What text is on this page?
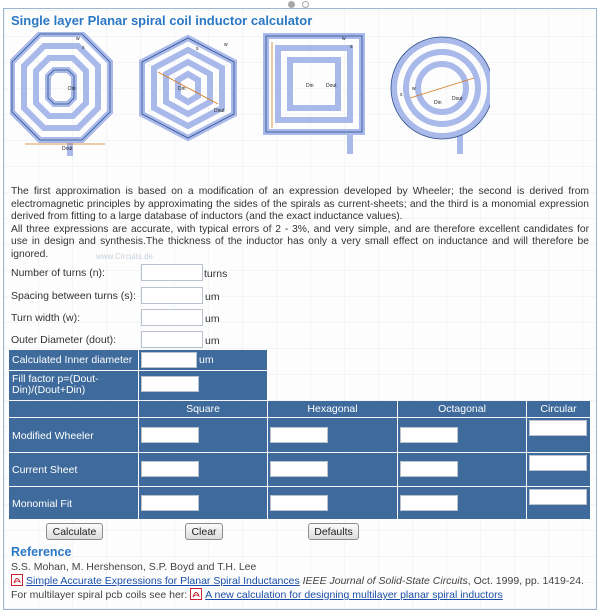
Single layer Planar spiral coil inductor calculator
Dout
Din
w
s
Din
Dout
w
s
Din Dout
w
s
Din
Dout
w
s

The first approximation is based on a modification of an expression developed by Wheeler; the second is derived from electromagnetic principles by approximating the sides of the spirals as current-sheets; and the third is a monomial expression derived from fitting to a large database of inductors (and the exact inductance values).

All three expressions are accurate, with typical errors of 2 - 3%, and very simple, and are therefore excellent candidates for use in design and synthesis.The thickness of the inductor has only a very small effect on inductance and will therefore be ignored.	www.Circuits.de
Number of turns (n):	turns
Spacing between turns (s):	um
Turn width (w):	um
Outer Diameter (dout):	um
Calculated Inner diameter	um
Fill factor p=(Dout-Din)/(Dout+Din)
Square	Hexagonal	Octagonal	Circular
Modified Wheeler
Current Sheet
Monomial Fit
Calculate	Clear	Defaults
Reference
S.S. Mohan, M. Hershenson, S.P. Boyd and T.H. Lee
Simple Accurate Expressions for Planar Spiral Inductances IEEE Journal of Solid-State Circuits, Oct. 1999, pp. 1419-24.
For multilayer spiral pcb coils see her: A new calculation for designing multilayer planar spiral inductors
